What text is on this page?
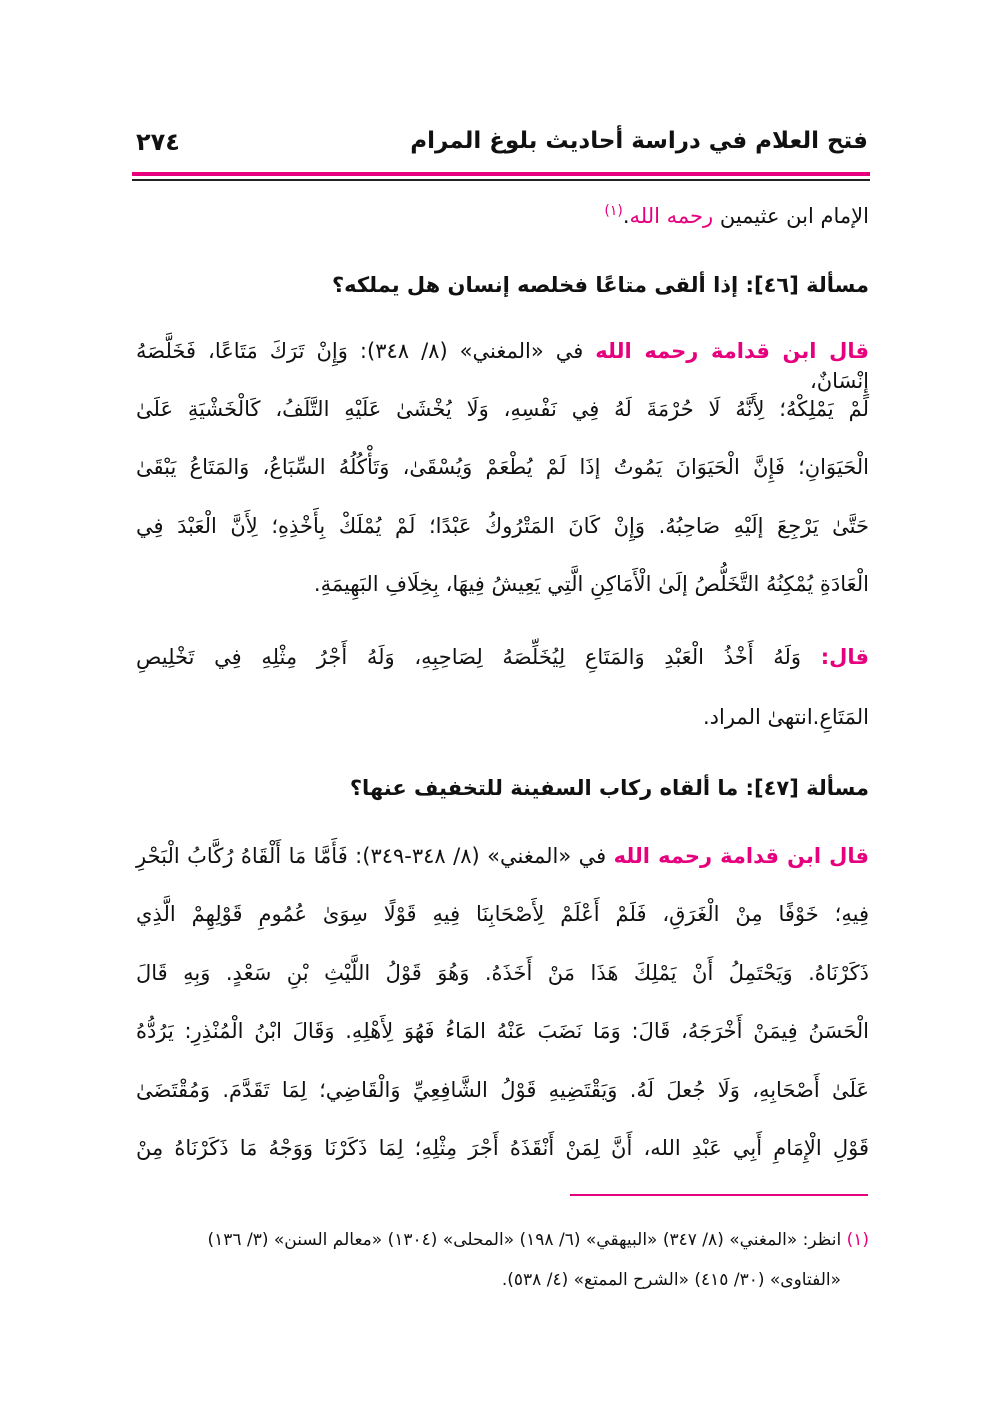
فتح العلام في دراسة أحاديث بلوغ المرام
٢٧٤
الإمام ابن عثيمين رحمه الله.$^{(١)}$
مسألة [٤٦]: إذا ألقى متاعًا فخلصه إنسان هل يملكه؟
قال ابن قدامة رحمه الله في «المغني» (٨/ ٣٤٨): وَإِنْ تَرَكَ مَتَاعًا، فَخَلَّصَهُ إِنْسَانٌ،
لَمْ يَمْلِكْهُ؛ لِأَنَّهُ لَا حُرْمَةَ لَهُ فِي نَفْسِهِ، وَلَا يُخْشَىٰ عَلَيْهِ التَّلَفُ، كَالْخَشْيَةِ عَلَىٰ
الْحَيَوَانِ؛ فَإِنَّ الْحَيَوَانَ يَمُوتُ إذَا لَمْ يُطْعَمْ وَيُسْقَىٰ، وَتَأْكُلُهُ السِّبَاعُ، وَالمَتَاعُ يَبْقَىٰ
حَتَّىٰ يَرْجِعَ إلَيْهِ صَاحِبُهُ. وَإِنْ كَانَ المَتْرُوكُ عَبْدًا؛ لَمْ يُمْلَكْ بِأَخْذِهِ؛ لِأَنَّ الْعَبْدَ فِي
الْعَادَةِ يُمْكِنُهُ التَّخَلُّصُ إلَىٰ الْأَمَاكِنِ الَّتِي يَعِيشُ فِيهَا، بِخِلَافِ البَهِيمَةِ.
قال: وَلَهُ أَخْذُ الْعَبْدِ وَالمَتَاعِ لِيُخَلِّصَهُ لِصَاحِبِهِ، وَلَهُ أَجْرُ مِثْلِهِ فِي تَخْلِيصِ
المَتَاعِ.انتهىٰ المراد.
مسألة [٤٧]: ما ألقاه ركاب السفينة للتخفيف عنها؟
قال ابن قدامة رحمه الله في «المغني» (٨/ ٣٤٨-٣٤٩): فَأَمَّا مَا أَلْقَاهُ رُكَّابُ الْبَحْرِ
فِيهِ؛ خَوْفًا مِنْ الْغَرَقِ، فَلَمْ أَعْلَمْ لِأَصْحَابِنَا فِيهِ قَوْلًا سِوَىٰ عُمُومِ قَوْلِهِمْ الَّذِي
ذَكَرْنَاهُ. وَيَحْتَمِلُ أَنْ يَمْلِكَ هَذَا مَنْ أَخَذَهُ. وَهُوَ قَوْلُ اللَّيْثِ بْنِ سَعْدٍ. وَبِهِ قَالَ
الْحَسَنُ فِيمَنْ أَخْرَجَهُ، قَالَ: وَمَا نَضَبَ عَنْهُ المَاءُ فَهُوَ لِأَهْلِهِ. وَقَالَ ابْنُ الْمُنْذِرِ: يَرُدُّهُ
عَلَىٰ أَصْحَابِهِ، وَلَا جُعلَ لَهُ. وَيَقْتَضِيهِ قَوْلُ الشَّافِعِيِّ وَالْقَاضِي؛ لِمَا تَقَدَّمَ. وَمُقْتَضَىٰ
قَوْلِ الْإِمَامِ أَبِي عَبْدِ الله، أَنَّ لِمَنْ أَنْقَذَهُ أَجْرَ مِثْلِهِ؛ لِمَا ذَكَرْنَا وَوَجْهُ مَا ذَكَرْنَاهُ مِنْ
(١) انظر: «المغني» (٨/ ٣٤٧) «البيهقي» (٦/ ١٩٨) «المحلى» (١٣٠٤) «معالم السنن» (٣/ ١٣٦)
«الفتاوى» (٣٠/ ٤١٥) «الشرح الممتع» (٤/ ٥٣٨).
